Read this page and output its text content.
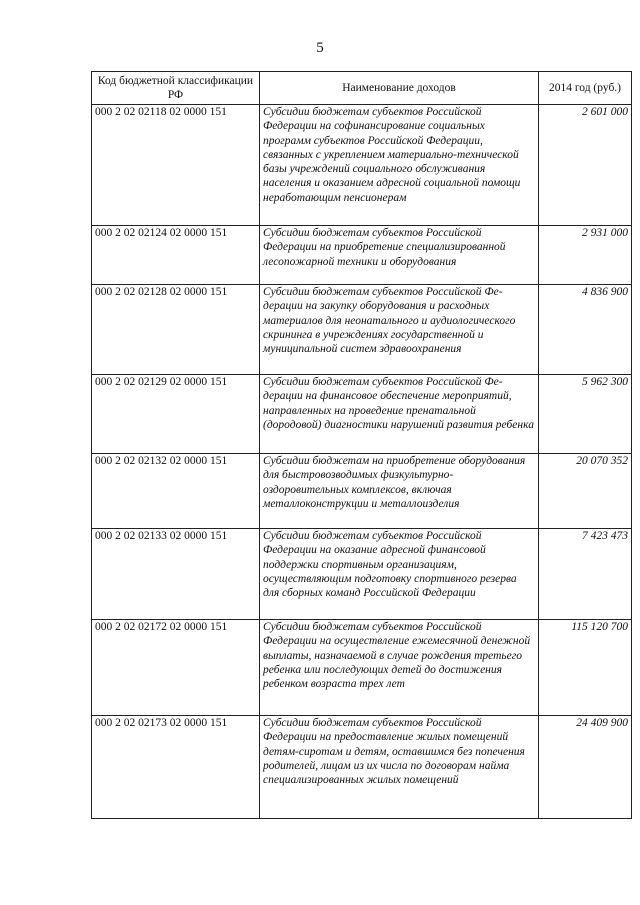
5
Код бюджетной классификации РФ	Наименование доходов	2014 год (руб.)
000 2 02 02118 02 0000 151	Субсидии бюджетам субъектов Российской Федерации на софинансирование социальных программ субъектов Российской Федерации, связанных с укреплением материально-технической базы учреждений социального обслуживания населения и оказанием адресной социальной помощи неработающим пенсионерам	2 601 000
000 2 02 02124 02 0000 151	Субсидии бюджетам субъектов Российской Федерации на приобретение специализированной лесопожарной техники и оборудования	2 931 000
000 2 02 02128 02 0000 151	Субсидии бюджетам субъектов Российской Фе-дерации на закупку оборудования и расходных материалов для неонатального и аудиологического скрининга в учреждениях государственной и муниципальной систем здравоохранения	4 836 900
000 2 02 02129 02 0000 151	Субсидии бюджетам субъектов Российской Фе-дерации на финансовое обеспечение мероприятий, направленных на проведение пренатальной (дородовой) диагностики нарушений развития ребенка	5 962 300
000 2 02 02132 02 0000 151	Субсидии бюджетам на приобретение оборудования для быстровозводимых физкультурно-оздоровительных комплексов, включая металлоконструкции и металлоизделия	20 070 352
000 2 02 02133 02 0000 151	Субсидии бюджетам субъектов Российской Федерации на оказание адресной финансовой поддержки спортивным организациям, осуществляющим подготовку спортивного резерва для сборных команд Российской Федерации	7 423 473
000 2 02 02172 02 0000 151	Субсидии бюджетам субъектов Российской Федерации на осуществление ежемесячной денежной выплаты, назначаемой в случае рождения третьего ребенка или последующих детей до достижения ребенком возраста трех лет	115 120 700
000 2 02 02173 02 0000 151	Субсидии бюджетам субъектов Российской Федерации на предоставление жилых помещений детям-сиротам и детям, оставшимся без попечения родителей, лицам из их числа по договорам найма специализированных жилых помещений	24 409 900
